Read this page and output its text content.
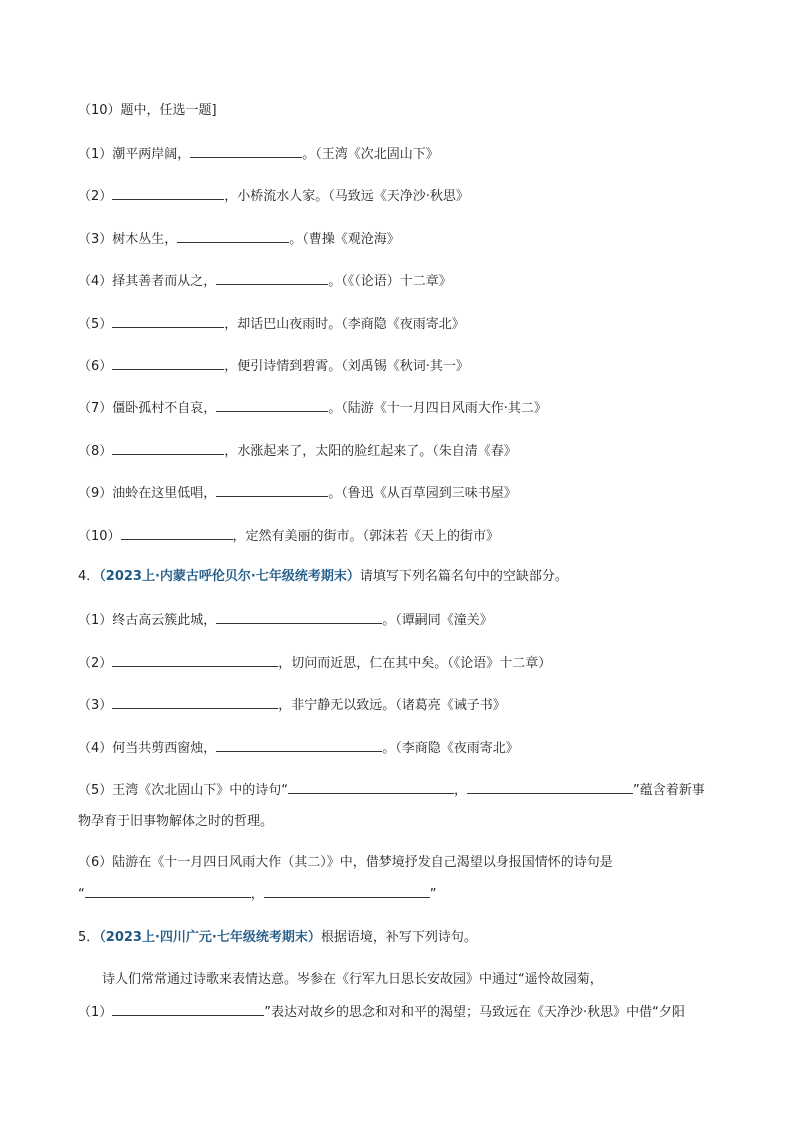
（10）题中，任选一题]
（1）潮平两岸阔，	。（王湾《次北固山下》
（2）	，小桥流水人家。（马致远《天净沙·秋思》
（3）树木丛生，	。（曹操《观沧海》
（4）择其善者而从之，	。（《（论语）十二章》
（5）	，却话巴山夜雨时。（李商隐《夜雨寄北》
（6）	，便引诗情到碧霄。（刘禹锡《秋词·其一》
（7）僵卧孤村不自哀，	。（陆游《十一月四日风雨大作·其二》
（8）	，水涨起来了，太阳的脸红起来了。（朱自清《春》
（9）油蛉在这里低唱，	。（鲁迅《从百草园到三味书屋》
（10）	，定然有美丽的街市。（郭沫若《天上的街市》
4．（2023上·内蒙古呼伦贝尔·七年级统考期末）请填写下列名篇名句中的空缺部分。
（1）终古高云簇此城，	。（谭嗣同《潼关》
（2）	，切问而近思，仁在其中矣。（《论语》十二章）
（3）	，非宁静无以致远。（诸葛亮《诫子书》
（4）何当共剪西窗烛，	。（李商隐《夜雨寄北》
（5）王湾《次北固山下》中的诗句“	，	”蕴含着新事
物孕育于旧事物解体之时的哲理。
（6）陆游在《十一月四日风雨大作（其二）》中，借梦境抒发自己渴望以身报国情怀的诗句是
“	，	”
5．（2023上·四川广元·七年级统考期末）根据语境，补写下列诗句。
诗人们常常通过诗歌来表情达意。岑参在《行军九日思长安故园》中通过“遥怜故园菊，
（1）	”表达对故乡的思念和对和平的渴望；马致远在《天净沙·秋思》中借“夕阳
